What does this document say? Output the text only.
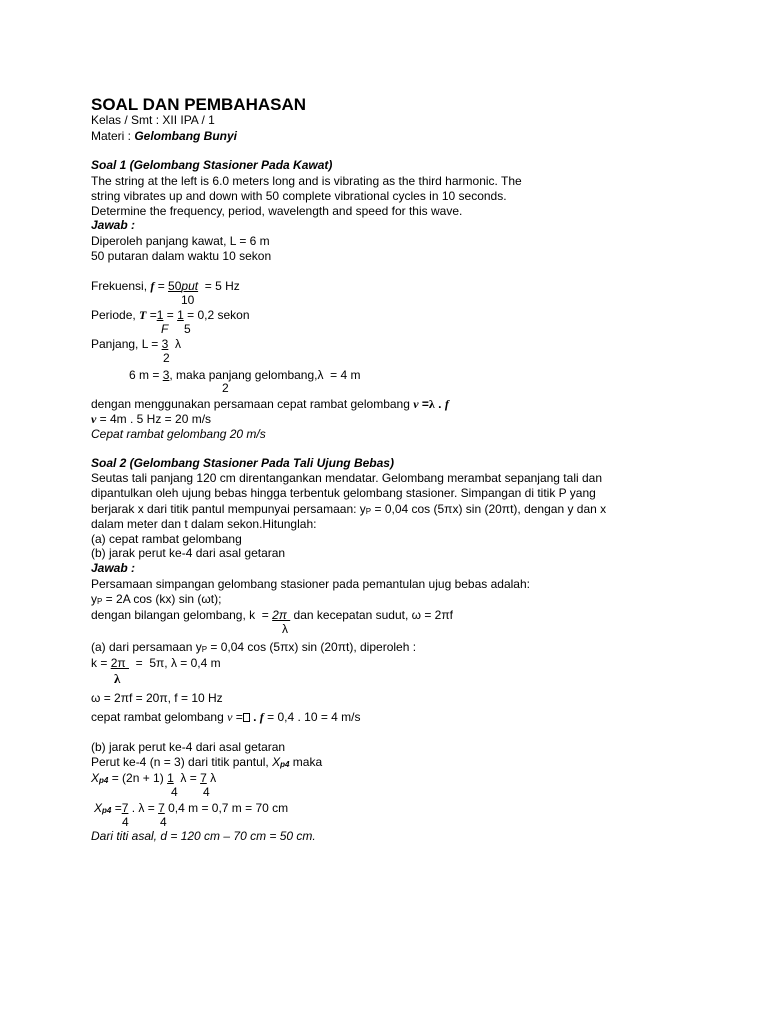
SOAL DAN PEMBAHASAN
Kelas / Smt : XII IPA / 1
Materi : Gelombang Bunyi
Soal 1 (Gelombang Stasioner Pada Kawat)
The string at the left is 6.0 meters long and is vibrating as the third harmonic. The
string vibrates up and down with 50 complete vibrational cycles in 10 seconds.
Determine the frequency, period, wavelength and speed for this wave.
Jawab :
Diperoleh panjang kawat, L = 6 m
50 putaran dalam waktu 10 sekon
Frekuensi, f = 50put  = 5 Hz
10
Periode, T =1 = 1 = 0,2 sekon
F 5
Panjang, L = 3  λ
2
6 m = 3, maka panjang gelombang,λ  = 4 m
2
dengan menggunakan persamaan cepat rambat gelombang v =λ . f
v = 4m . 5 Hz = 20 m/s
Cepat rambat gelombang 20 m/s
Soal 2 (Gelombang Stasioner Pada Tali Ujung Bebas)
Seutas tali panjang 120 cm direntangankan mendatar. Gelombang merambat sepanjang tali dan
dipantulkan oleh ujung bebas hingga terbentuk gelombang stasioner. Simpangan di titik P yang
berjarak x dari titik pantul mempunyai persamaan: $y_P = 0,04$ cos (5πx) sin (20πt), dengan y dan x
dalam meter dan t dalam sekon.Hitunglah:
(a) cepat rambat gelombang
(b) jarak perut ke-4 dari asal getaran
Jawab :
Persamaan simpangan gelombang stasioner pada pemantulan ujug bebas adalah:
$y_P = 2A$ cos (kx) sin (ωt);
dengan bilangan gelombang, k  = 2π  dan kecepatan sudut, ω = 2πf
λ
(a) dari persamaan $y_P = 0,04$ cos (5πx) sin (20πt), diperoleh :
k = 2π   =  5π, λ = 0,4 m
λ
ω = 2πf = 20π, f = 10 Hz
cepat rambat gelombang v = . f = 0,4 . 10 = 4 m/s
(b) jarak perut ke-4 dari asal getaran
Perut ke-4 (n = 3) dari titik pantul, $X_{p4}$ maka
$X_{p4} = (2n + 1)$ 1  λ = 7 λ
4 4
$X_{p4} =7$ . λ = 7 0,4 m = 0,7 m = 70 cm
4	4
Dari titi asal, d = 120 cm – 70 cm = 50 cm.
